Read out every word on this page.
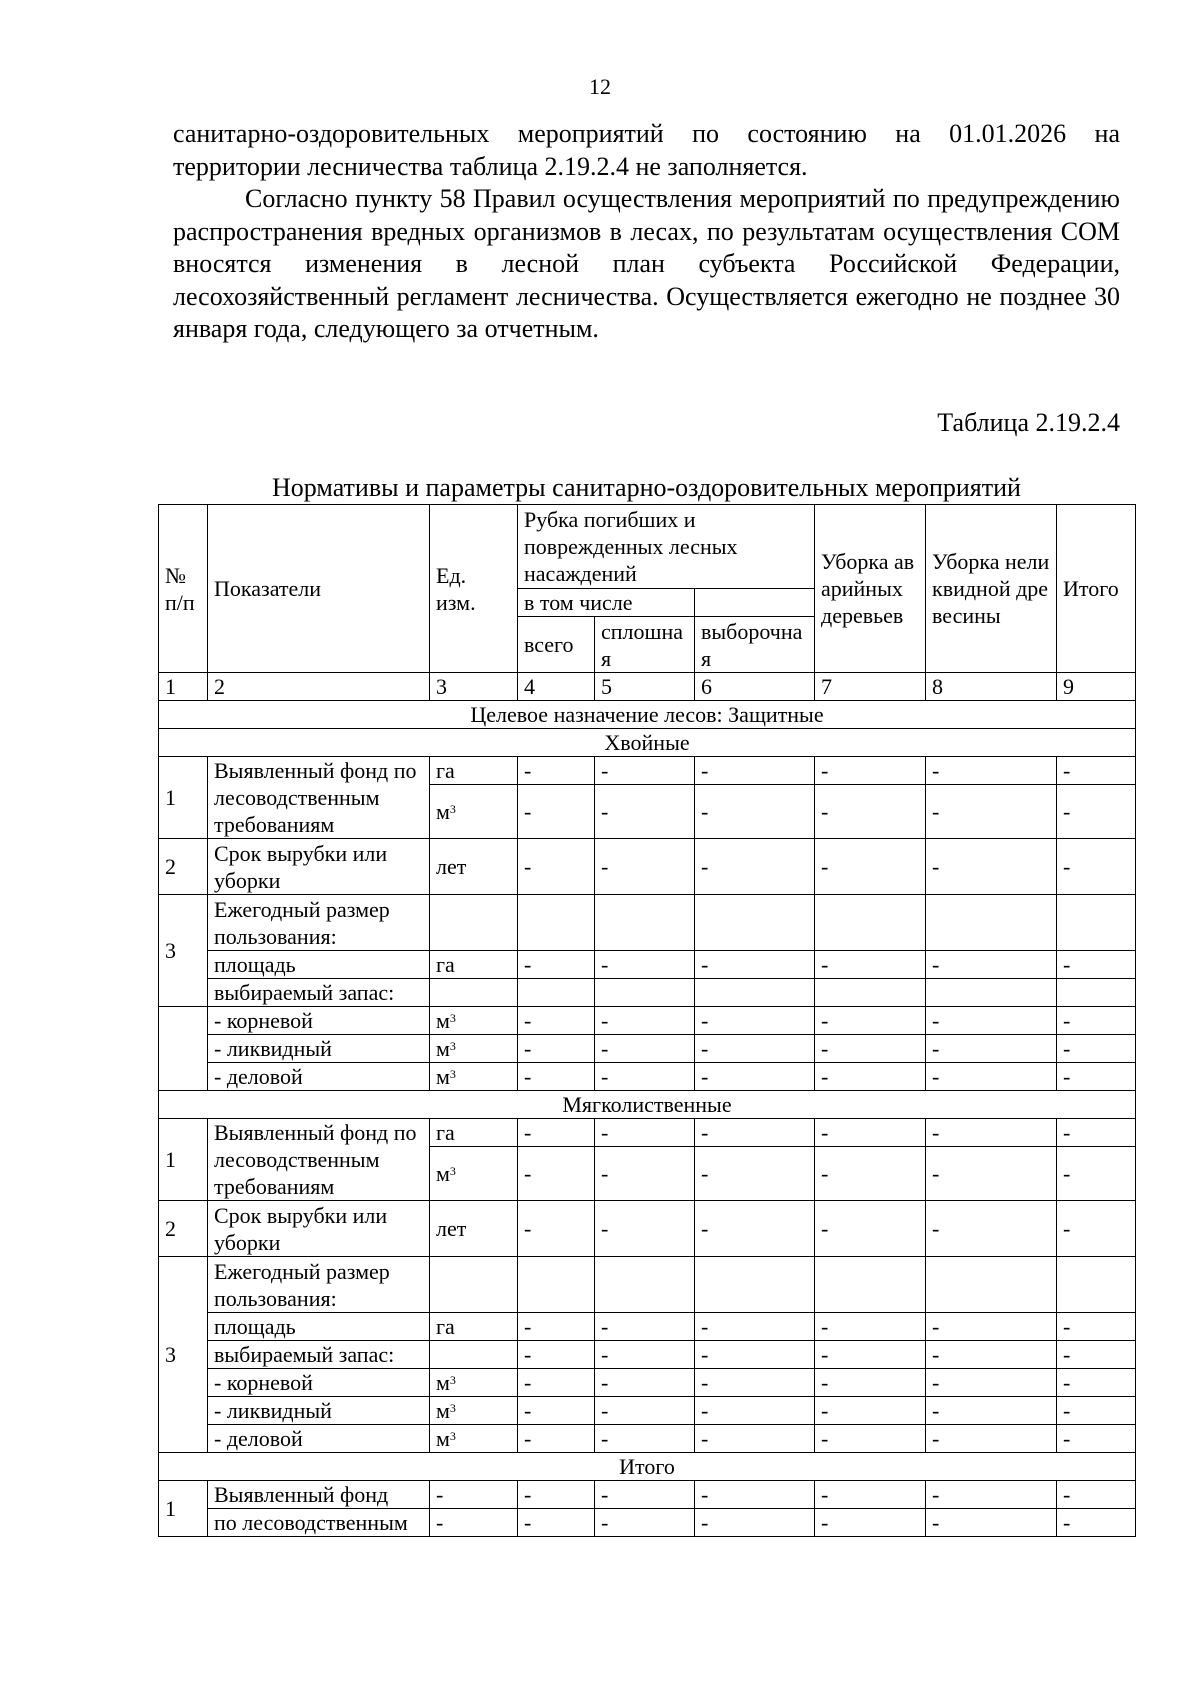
12

санитарно-оздоровительных мероприятий по состоянию на 01.01.2026 на территории лесничества таблица 2.19.2.4 не заполняется.

Согласно пункту 58 Правил осуществления мероприятий по предупреждению распространения вредных организмов в лесах, по результатам осуществления СОМ вносятся изменения в лесной план субъекта Российской Федерации, лесохозяйственный регламент лесничества. Осуществляется ежегодно не позднее 30 января года, следующего за отчетным.

Таблица 2.19.2.4
Нормативы и параметры санитарно-оздоровительных мероприятий
№ п/п	Показатели	Ед. изм.	Рубка погибших и поврежденных лесных насаждений			Уборка аварийных деревьев	Уборка неликвидной древесины	Итого
			в том числе					
			всего	сплошная	выборочная			
1	2	3	4	5	6	7	8	9
Целевое назначение лесов: Защитные								
Хвойные								
1	Выявленный фонд по лесоводственным требованиям	га	-	-	-	-	-	-
		$м^3$	-	-	-	-	-	-
2	Срок вырубки или уборки	лет	-	-	-	-	-	-
3	Ежегодный размер пользования:							
	площадь	га	-	-	-	-	-	-
	выбираемый запас:							
	- корневой	$м^3$	-	-	-	-	-	-
	- ликвидный	$м^3$	-	-	-	-	-	-
	- деловой	$м^3$	-	-	-	-	-	-
Мягколиственные								
1	Выявленный фонд по лесоводственным требованиям	га	-	-	-	-	-	-
		$м^3$	-	-	-	-	-	-
2	Срок вырубки или уборки	лет	-	-	-	-	-	-
3	Ежегодный размер пользования:							
	площадь	га	-	-	-	-	-	-
	выбираемый запас:		-	-	-	-	-	-
	- корневой	$м^3$	-	-	-	-	-	-
	- ликвидный	$м^3$	-	-	-	-	-	-
	- деловой	$м^3$	-	-	-	-	-	-
Итого								
1	Выявленный фонд	-	-	-	-	-	-	-
	по лесоводственным	-	-	-	-	-	-	-
